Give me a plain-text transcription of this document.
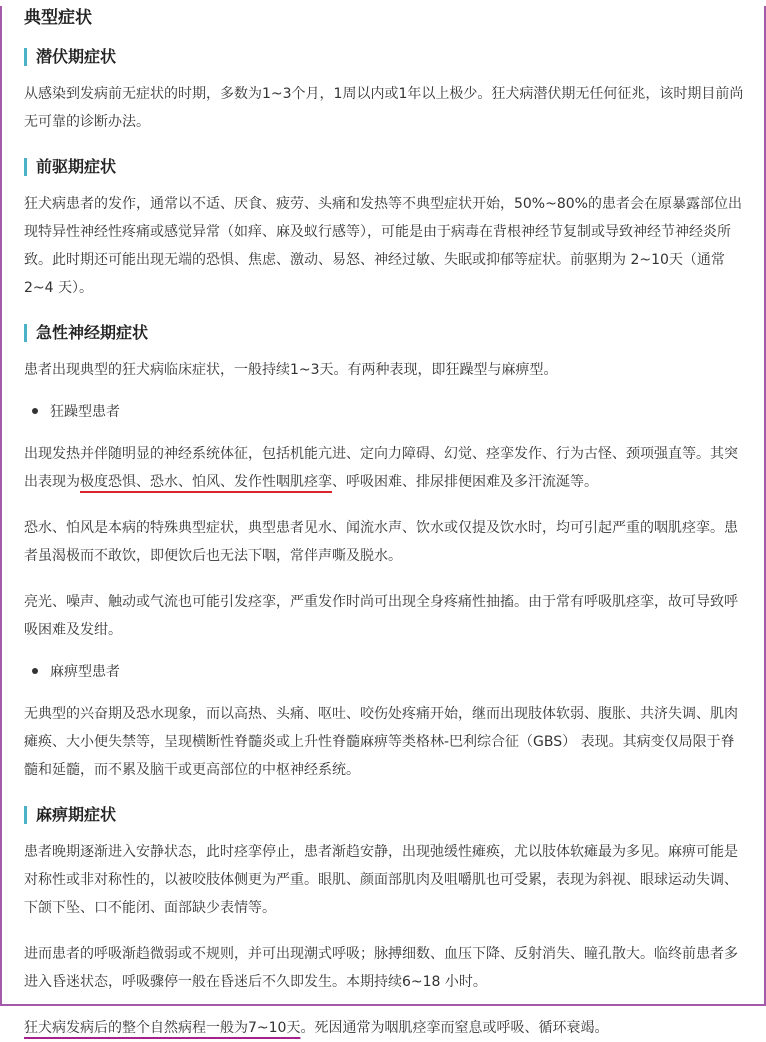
典型症状
潜伏期症状

从感染到发病前无症状的时期，多数为1~3个月，1周以内或1年以上极少。狂犬病潜伏期无任何征兆，该时期目前尚无可靠的诊断办法。

前驱期症状

狂犬病患者的发作，通常以不适、厌食、疲劳、头痛和发热等不典型症状开始，50%~80%的患者会在原暴露部位出现特异性神经性疼痛或感觉异常（如痒、麻及蚁行感等），可能是由于病毒在背根神经节复制或导致神经节神经炎所致。此时期还可能出现无端的恐惧、焦虑、激动、易怒、神经过敏、失眠或抑郁等症状。前驱期为 2~10天（通常 2~4 天）。

急性神经期症状

患者出现典型的狂犬病临床症状，一般持续1~3天。有两种表现，即狂躁型与麻痹型。

狂躁型患者

出现发热并伴随明显的神经系统体征，包括机能亢进、定向力障碍、幻觉、痉挛发作、行为古怪、颈项强直等。其突出表现为极度恐惧、恐水、怕风、发作性咽肌痉挛、呼吸困难、排尿排便困难及多汗流涎等。

恐水、怕风是本病的特殊典型症状，典型患者见水、闻流水声、饮水或仅提及饮水时，均可引起严重的咽肌痉挛。患者虽渴极而不敢饮，即便饮后也无法下咽，常伴声嘶及脱水。

亮光、噪声、触动或气流也可能引发痉挛，严重发作时尚可出现全身疼痛性抽搐。由于常有呼吸肌痉挛，故可导致呼吸困难及发绀。

麻痹型患者

无典型的兴奋期及恐水现象，而以高热、头痛、呕吐、咬伤处疼痛开始，继而出现肢体软弱、腹胀、共济失调、肌肉瘫痪、大小便失禁等，呈现横断性脊髓炎或上升性脊髓麻痹等类格林-巴利综合征（GBS） 表现。其病变仅局限于脊髓和延髓，而不累及脑干或更高部位的中枢神经系统。

麻痹期症状

患者晚期逐渐进入安静状态，此时痉挛停止，患者渐趋安静，出现弛缓性瘫痪，尤以肢体软瘫最为多见。麻痹可能是对称性或非对称性的，以被咬肢体侧更为严重。眼肌、颜面部肌肉及咀嚼肌也可受累，表现为斜视、眼球运动失调、下颌下坠、口不能闭、面部缺少表情等。

进而患者的呼吸渐趋微弱或不规则，并可出现潮式呼吸；脉搏细数、血压下降、反射消失、瞳孔散大。临终前患者多进入昏迷状态，呼吸骤停一般在昏迷后不久即发生。本期持续6~18 小时。

狂犬病发病后的整个自然病程一般为7~10天。死因通常为咽肌痉挛而窒息或呼吸、循环衰竭。
